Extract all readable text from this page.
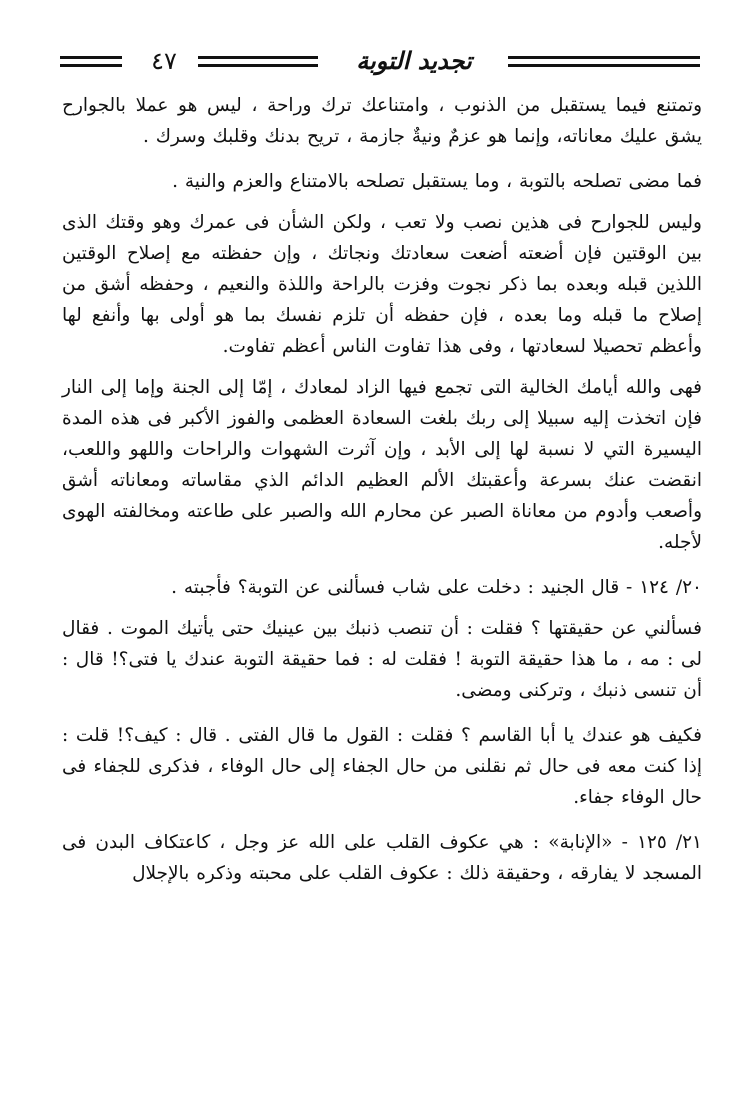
٤٧	تجديد التوبة

وتمتنع فيما يستقبل من الذنوب ، وامتناعك ترك وراحة ، ليس هو عملا بالجوارح يشق عليك معاناته، وإنما هو عزمٌ ونيةٌ جازمة ، تريح بدنك وقلبك وسرك .

فما مضى تصلحه بالتوبة ، وما يستقبل تصلحه بالامتناع والعزم والنية .

وليس للجوارح فى هذين نصب ولا تعب ، ولكن الشأن فى عمرك وهو وقتك الذى بين الوقتين فإن أضعته أضعت سعادتك ونجاتك ، وإن حفظته مع إصلاح الوقتين اللذين قبله وبعده بما ذكر نجوت وفزت بالراحة واللذة والنعيم ، وحفظه أشق من إصلاح ما قبله وما بعده ، فإن حفظه أن تلزم نفسك بما هو أولى بها وأنفع لها وأعظم تحصيلا لسعادتها ، وفى هذا تفاوت الناس أعظم تفاوت.

فهى والله أيامك الخالية التى تجمع فيها الزاد لمعادك ، إمّا إلى الجنة وإما إلى النار فإن اتخذت إليه سبيلا إلى ربك بلغت السعادة العظمى والفوز الأكبر فى هذه المدة اليسيرة التي لا نسبة لها إلى الأبد ، وإن آثرت الشهوات والراحات واللهو واللعب، انقضت عنك بسرعة وأعقبتك الألم العظيم الدائم الذي مقاساته ومعاناته أشق وأصعب وأدوم من معاناة الصبر عن محارم الله والصبر على طاعته ومخالفته الهوى لأجله.

٢٠/ ١٢٤ - قال الجنيد : دخلت على شاب فسألنى عن التوبة؟ فأجبته .

فسألني عن حقيقتها ؟ فقلت : أن تنصب ذنبك بين عينيك حتى يأتيك الموت . فقال لى : مه ، ما هذا حقيقة التوبة ! فقلت له : فما حقيقة التوبة عندك يا فتى؟! قال : أن تنسى ذنبك ، وتركنى ومضى.

فكيف هو عندك يا أبا القاسم ؟ فقلت : القول ما قال الفتى . قال : كيف؟! قلت : إذا كنت معه فى حال ثم نقلنى من حال الجفاء إلى حال الوفاء ، فذكرى للجفاء فى حال الوفاء جفاء.

٢١/ ١٢٥ - «الإنابة» : هي عكوف القلب على الله عز وجل ، كاعتكاف البدن فى المسجد لا يفارقه ، وحقيقة ذلك : عكوف القلب على محبته وذكره بالإجلال
